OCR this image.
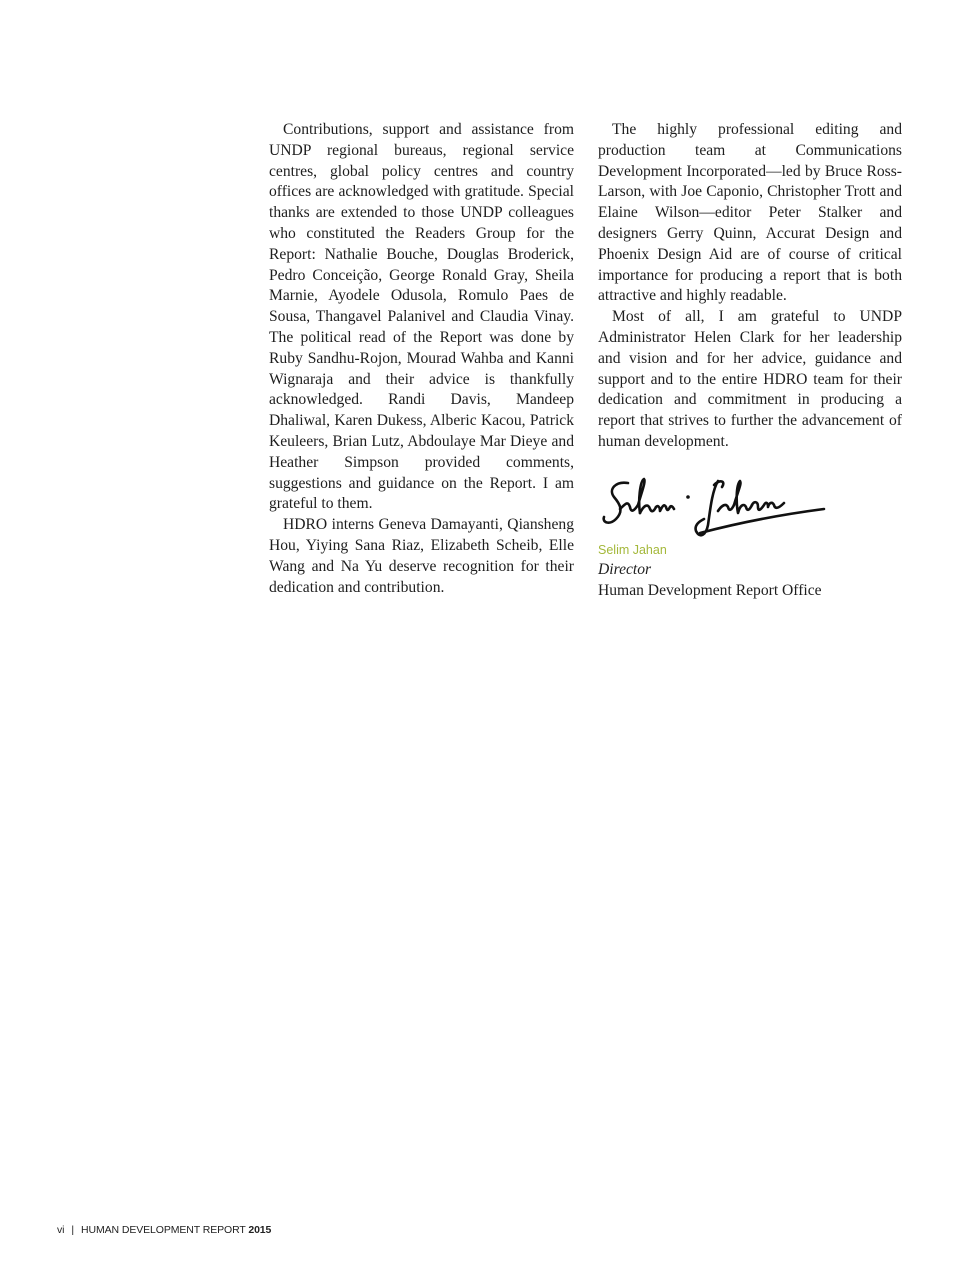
Contributions, support and assistance from UNDP regional bureaus, regional service centres, global policy centres and country offices are acknowledged with gratitude. Special thanks are extended to those UNDP colleagues who constituted the Readers Group for the Report: Nathalie Bouche, Douglas Broderick, Pedro Conceição, George Ronald Gray, Sheila Marnie, Ayodele Odusola, Romulo Paes de Sousa, Thangavel Palanivel and Claudia Vinay. The political read of the Report was done by Ruby Sandhu-Rojon, Mourad Wahba and Kanni Wignaraja and their advice is thankfully acknowledged. Randi Davis, Mandeep Dhaliwal, Karen Dukess, Alberic Kacou, Patrick Keuleers, Brian Lutz, Abdoulaye Mar Dieye and Heather Simpson provided comments, suggestions and guidance on the Report. I am grateful to them.

HDRO interns Geneva Damayanti, Qiansheng Hou, Yiying Sana Riaz, Elizabeth Scheib, Elle Wang and Na Yu deserve recognition for their dedication and contribution.

The highly professional editing and production team at Communications Development Incorporated—led by Bruce Ross-Larson, with Joe Caponio, Christopher Trott and Elaine Wilson—editor Peter Stalker and designers Gerry Quinn, Accurat Design and Phoenix Design Aid are of course of critical importance for producing a report that is both attractive and highly readable.

Most of all, I am grateful to UNDP Administrator Helen Clark for her leadership and vision and for her advice, guidance and support and to the entire HDRO team for their dedication and commitment in producing a report that strives to further the advancement of human development.

Selim Jahan
Director
Human Development Report Office
vi | HUMAN DEVELOPMENT REPORT 2015
